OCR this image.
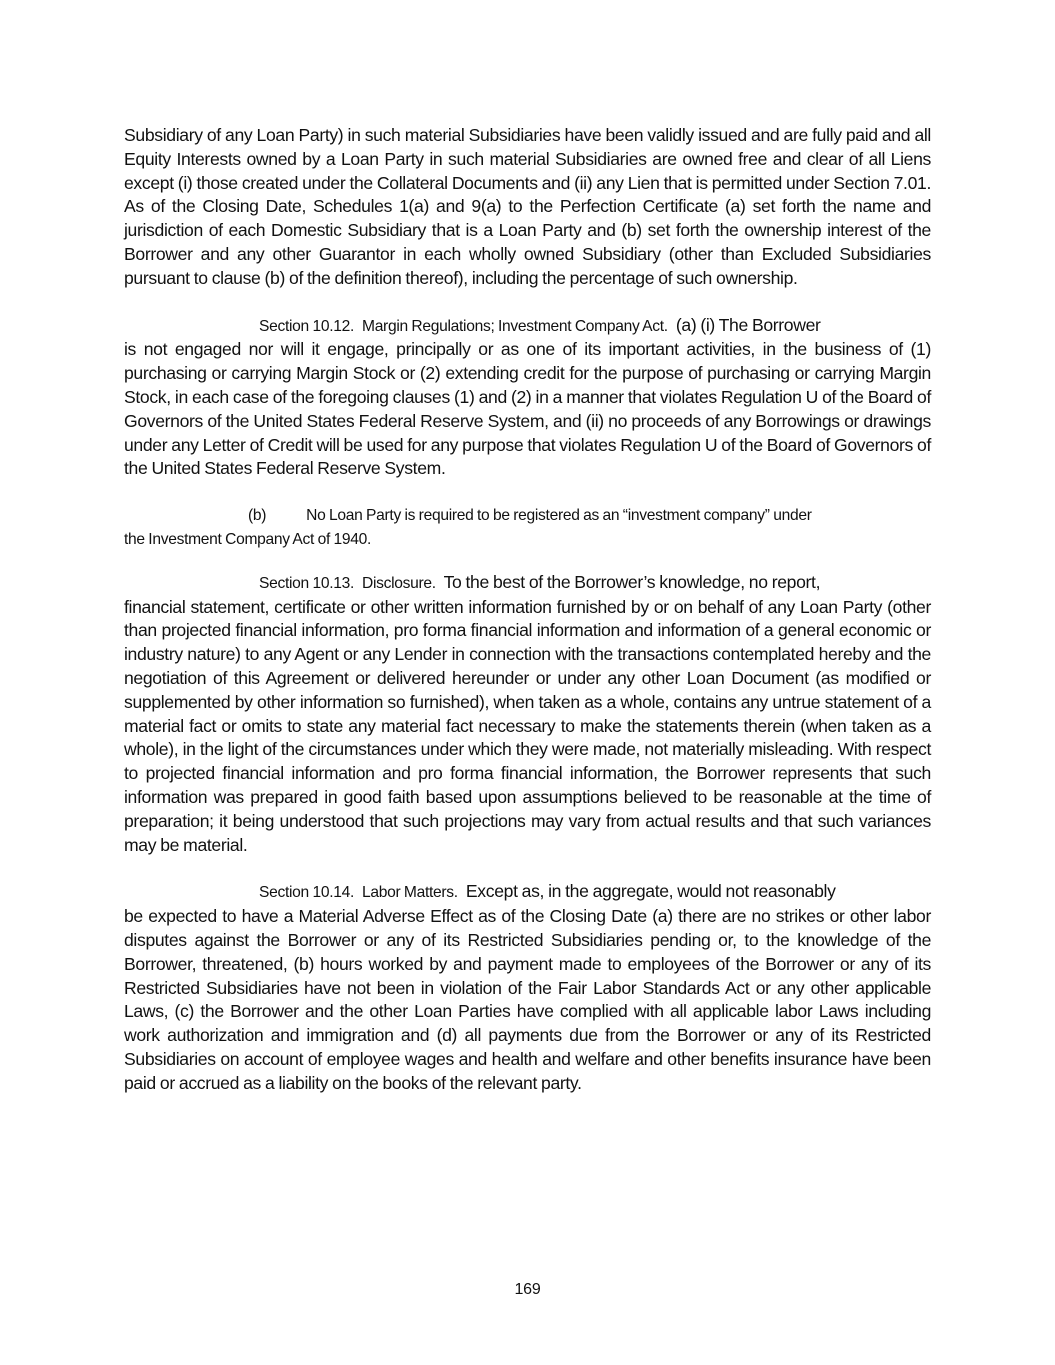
Subsidiary of any Loan Party) in such material Subsidiaries have been validly issued and are fully paid and all Equity Interests owned by a Loan Party in such material Subsidiaries are owned free and clear of all Liens except (i) those created under the Collateral Documents and (ii) any Lien that is permitted under Section 7.01. As of the Closing Date, Schedules 1(a) and 9(a) to the Perfection Certificate (a) set forth the name and jurisdiction of each Domestic Subsidiary that is a Loan Party and (b) set forth the ownership interest of the Borrower and any other Guarantor in each wholly owned Subsidiary (other than Excluded Subsidiaries pursuant to clause (b) of the definition thereof), including the percentage of such ownership.

Section 10.12. Margin Regulations; Investment Company Act. (a) (i) The Borrower

is not engaged nor will it engage, principally or as one of its important activities, in the business of (1) purchasing or carrying Margin Stock or (2) extending credit for the purpose of purchasing or carrying Margin Stock, in each case of the foregoing clauses (1) and (2) in a manner that violates Regulation U of the Board of Governors of the United States Federal Reserve System, and (ii) no proceeds of any Borrowings or drawings under any Letter of Credit will be used for any purpose that violates Regulation U of the Board of Governors of the United States Federal Reserve System.

(b)	No Loan Party is required to be registered as an “investment company” under
the Investment Company Act of 1940.
Section 10.13. Disclosure. To the best of the Borrower’s knowledge, no report,

financial statement, certificate or other written information furnished by or on behalf of any Loan Party (other than projected financial information, pro forma financial information and information of a general economic or industry nature) to any Agent or any Lender in connection with the transactions contemplated hereby and the negotiation of this Agreement or delivered hereunder or under any other Loan Document (as modified or supplemented by other information so furnished), when taken as a whole, contains any untrue statement of a material fact or omits to state any material fact necessary to make the statements therein (when taken as a whole), in the light of the circumstances under which they were made, not materially misleading. With respect to projected financial information and pro forma financial information, the Borrower represents that such information was prepared in good faith based upon assumptions believed to be reasonable at the time of preparation; it being understood that such projections may vary from actual results and that such variances may be material.

Section 10.14. Labor Matters. Except as, in the aggregate, would not reasonably

be expected to have a Material Adverse Effect as of the Closing Date (a) there are no strikes or other labor disputes against the Borrower or any of its Restricted Subsidiaries pending or, to the knowledge of the Borrower, threatened, (b) hours worked by and payment made to employees of the Borrower or any of its Restricted Subsidiaries have not been in violation of the Fair Labor Standards Act or any other applicable Laws, (c) the Borrower and the other Loan Parties have complied with all applicable labor Laws including work authorization and immigration and (d) all payments due from the Borrower or any of its Restricted Subsidiaries on account of employee wages and health and welfare and other benefits insurance have been paid or accrued as a liability on the books of the relevant party.

169
